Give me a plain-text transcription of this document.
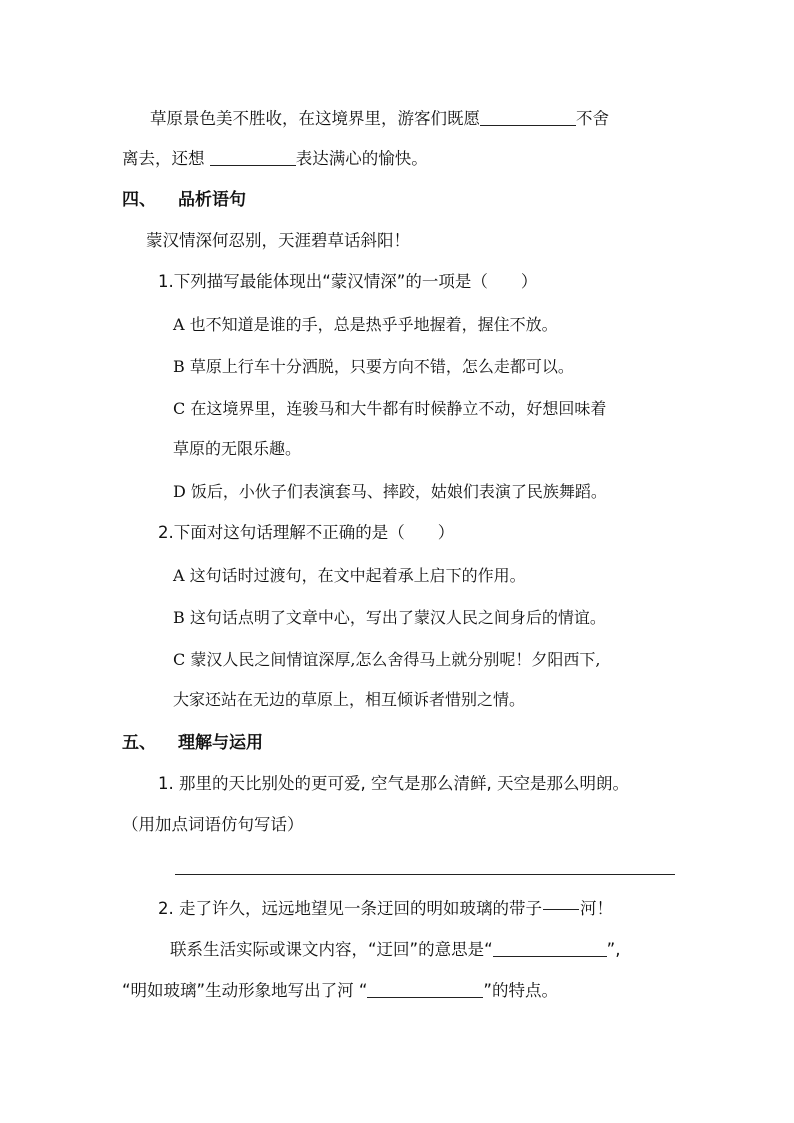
草原景色美不胜收，在这境界里，游客们既愿	不舍
离去，还想	表达满心的愉快。
四、 品析语句
蒙汉情深何忍别，天涯碧草话斜阳！
1.下列描写最能体现出“蒙汉情深”的一项是（　　）
A 也不知道是谁的手，总是热乎乎地握着，握住不放。
B 草原上行车十分洒脱，只要方向不错，怎么走都可以。
C 在这境界里，连骏马和大牛都有时候静立不动，好想回味着
草原的无限乐趣。
D 饭后，小伙子们表演套马、摔跤，姑娘们表演了民族舞蹈。
2.下面对这句话理解不正确的是（　　）
A 这句话时过渡句，在文中起着承上启下的作用。
B 这句话点明了文章中心，写出了蒙汉人民之间身后的情谊。
C 蒙汉人民之间情谊深厚,怎么舍得马上就分别呢！夕阳西下,
大家还站在无边的草原上，相互倾诉者惜别之情。
五、 理解与运用
1. 那里的天比别处的更可爱, 空气是那么清鲜, 天空是那么明朗。
（用加点词语仿句写话）
2. 走了许久，远远地望见一条迂回的明如玻璃的带子 河！
联系生活实际或课文内容，“迂回”的意思是“	”,
“明如玻璃”生动形象地写出了河 “	”的特点。
